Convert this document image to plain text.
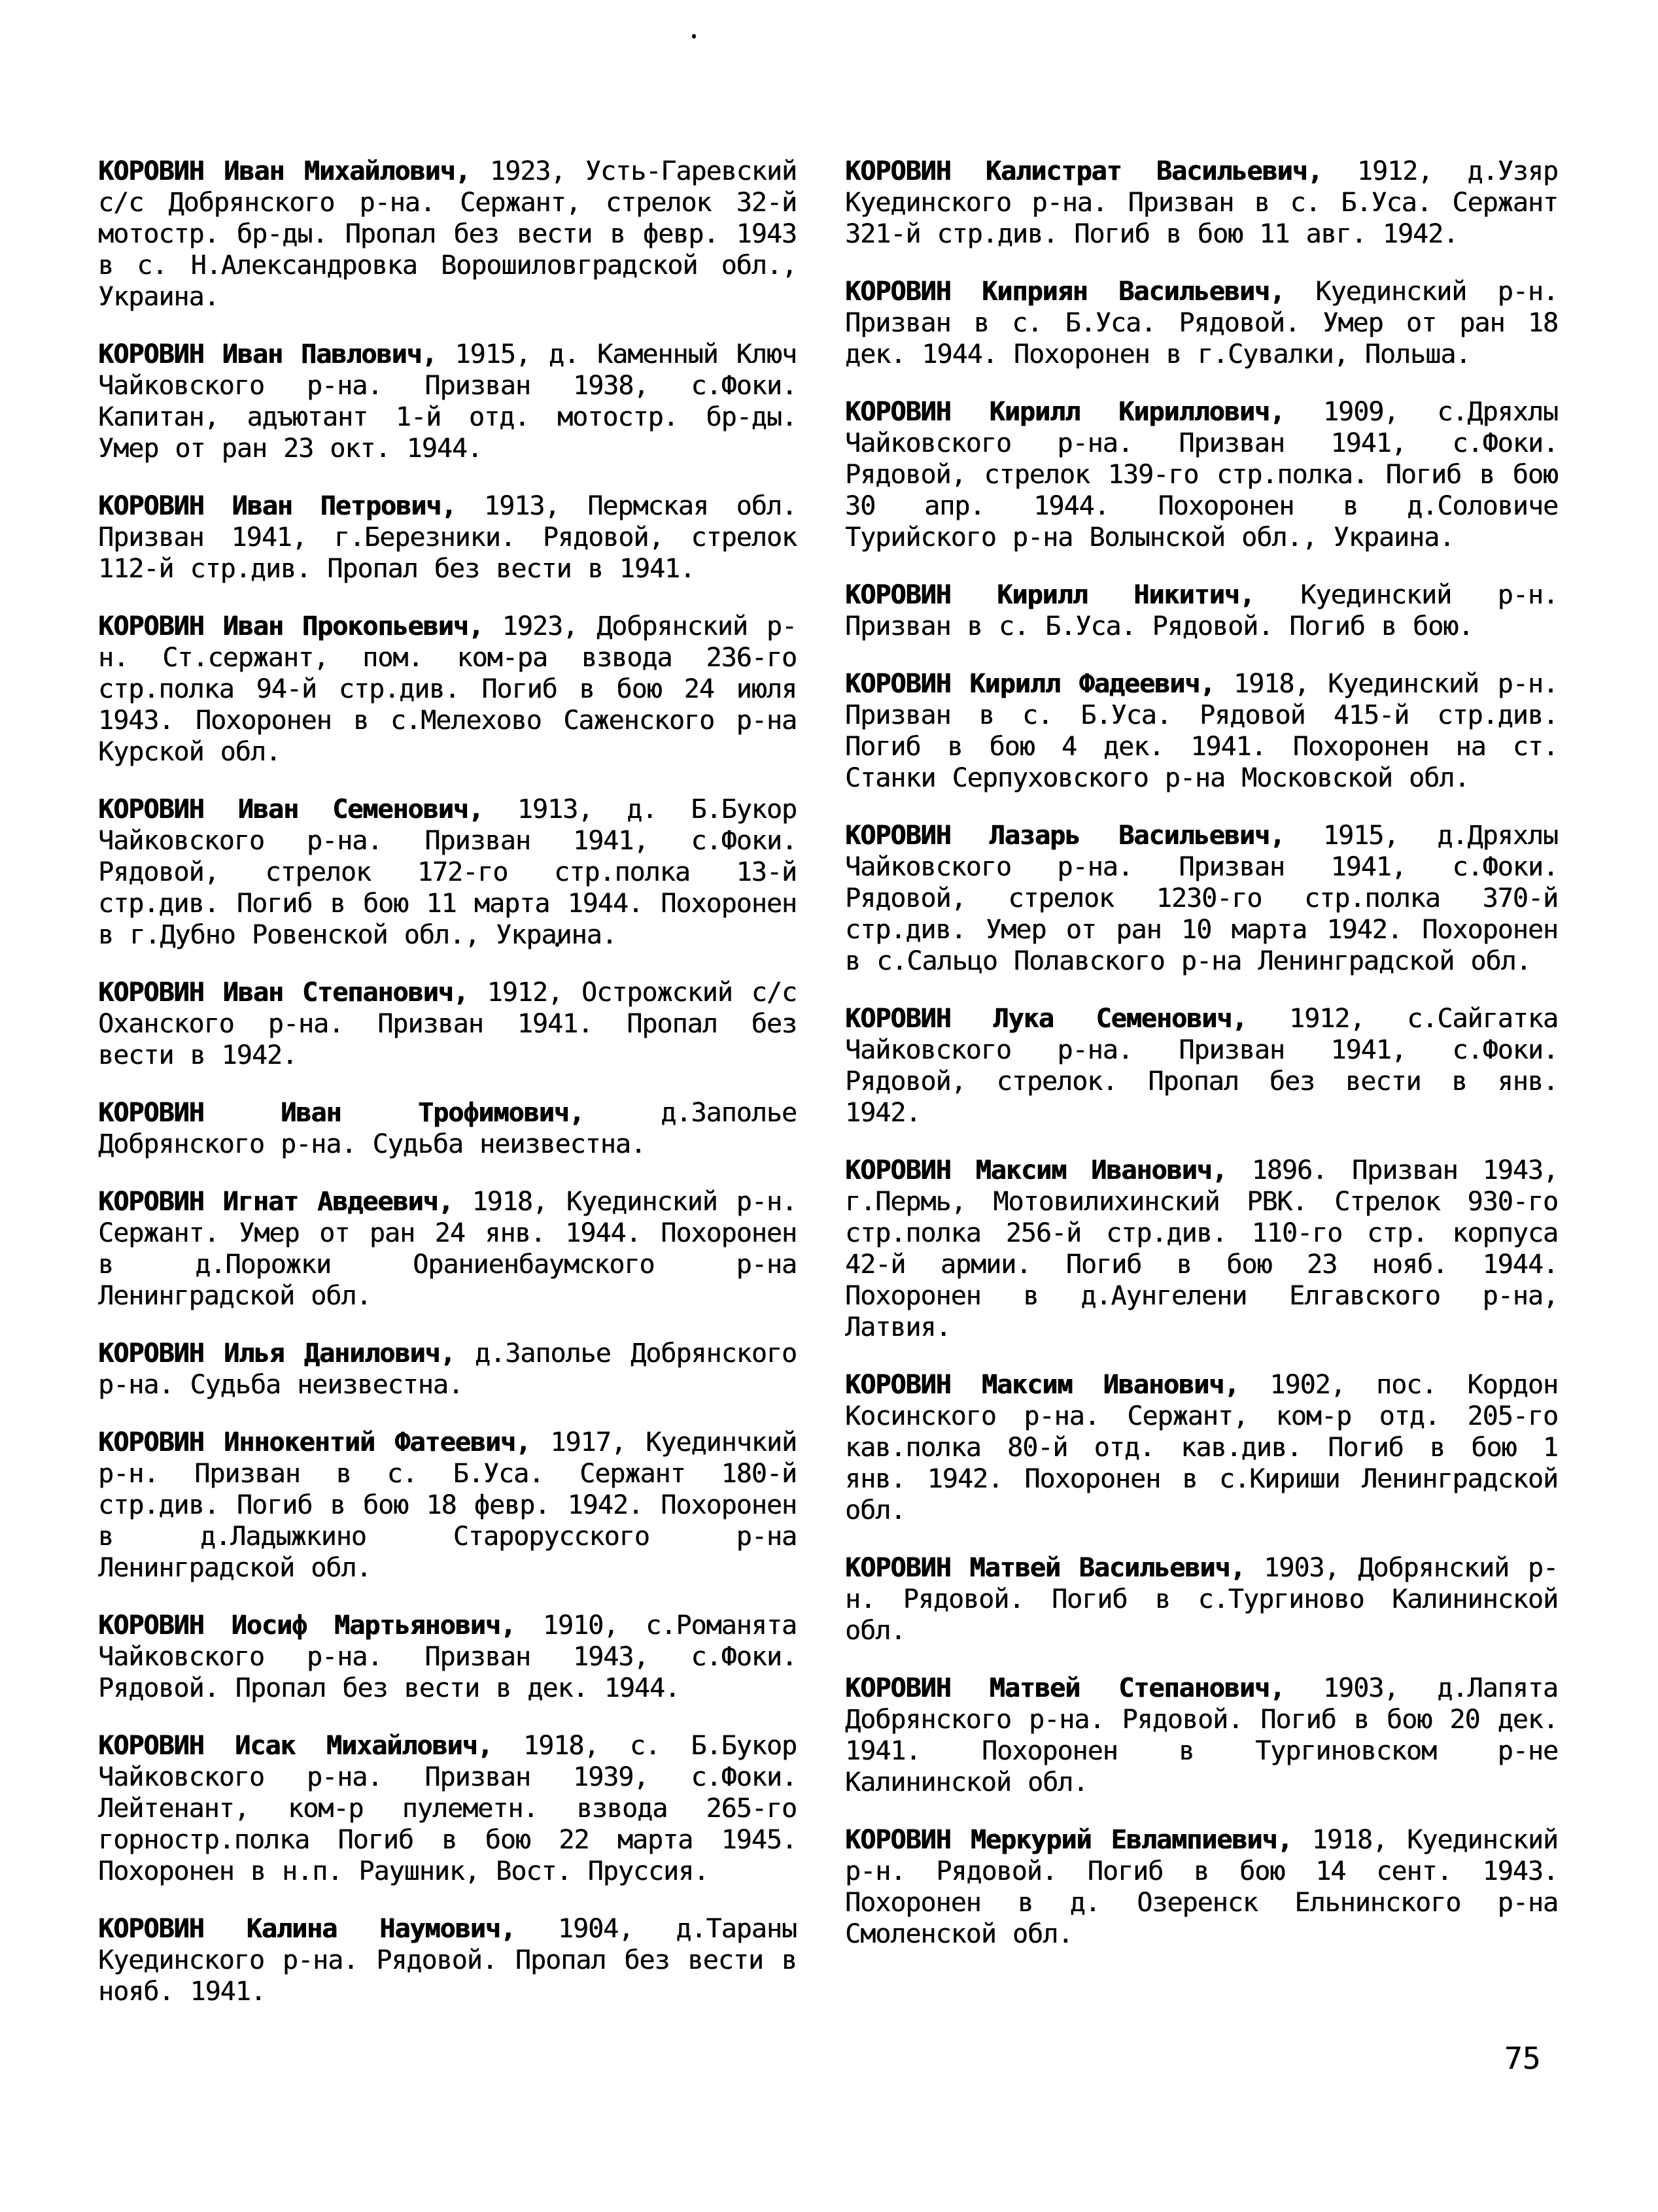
КОРОВИН Иван Михайлович, 1923, Усть-Гаревский с/с Добрянского р-на. Сержант, стрелок 32-й мотостр. бр-ды. Пропал без вести в февр. 1943 в с. Н.Александровка Ворошиловградской обл., Украина.

КОРОВИН Иван Павлович, 1915, д. Каменный Ключ Чайковского р-на. Призван 1938, с.Фоки. Капитан, адъютант 1-й отд. мотостр. бр-ды. Умер от ран 23 окт. 1944.

КОРОВИН Иван Петрович, 1913, Пермская обл. Призван 1941, г.Березники. Рядовой, стрелок 112-й стр.див. Пропал без вести в 1941.

КОРОВИН Иван Прокопьевич, 1923, Добрянский р-н. Ст.сержант, пом. ком-ра взвода 236-го стр.полка 94-й стр.див. Погиб в бою 24 июля 1943. Похоронен в с.Мелехово Саженского р-на Курской обл.

КОРОВИН Иван Семенович, 1913, д. Б.Букор Чайковского р-на. Призван 1941, с.Фоки. Рядовой, стрелок 172-го стр.полка 13-й стр.див. Погиб в бою 11 марта 1944. Похоронен в г.Дубно Ровенской обл., Украина.

КОРОВИН Иван Степанович, 1912, Острожский с/с Оханского р-на. Призван 1941. Пропал без вести в 1942.

КОРОВИН Иван Трофимович,	д.Заполье Добрянского р-на. Судьба неизвестна.

КОРОВИН Игнат Авдеевич, 1918, Куединский р-н. Сержант. Умер от ран 24 янв. 1944. Похоронен в д.Порожки Ораниенбаумского р-на Ленинградской обл.

КОРОВИН Илья Данилович, д.Заполье Добрянского р-на. Судьба неизвестна.

КОРОВИН Иннокентий Фатеевич, 1917, Куединчкий р-н. Призван в с. Б.Уса. Сержант 180-й стр.див. Погиб в бою 18 февр. 1942. Похоронен в д.Ладыжкино Старорусского р-на Ленинградской обл.

КОРОВИН Иосиф Мартьянович, 1910, с.Романята Чайковского р-на. Призван 1943, с.Фоки. Рядовой. Пропал без вести в дек. 1944.

КОРОВИН Исак Михайлович, 1918, с. Б.Букор Чайковского р-на. Призван 1939, с.Фоки. Лейтенант, ком-р пулеметн. взвода 265-го горностр.полка Погиб в бою 22 марта 1945. Похоронен в н.п. Раушник, Вост. Пруссия.

КОРОВИН Калина Наумович, 1904, д.Тараны Куединского р-на. Рядовой. Пропал без вести в нояб. 1941.

КОРОВИН Калистрат Васильевич, 1912, д.Узяр Куединского р-на. Призван в с. Б.Уса. Сержант 321-й стр.див. Погиб в бою 11 авг. 1942.

КОРОВИН Киприян Васильевич, Куединский р-н. Призван в с. Б.Уса. Рядовой. Умер от ран 18 дек. 1944. Похоронен в г.Сувалки, Польша.

КОРОВИН Кирилл Кириллович, 1909, с.Дряхлы Чайковского р-на. Призван 1941, с.Фоки. Рядовой, стрелок 139-го стр.полка. Погиб в бою 30 апр. 1944. Похоронен в д.Соловиче Турийского р-на Волынской обл., Украина.

КОРОВИН Кирилл Никитич, Куединский р-н. Призван в с. Б.Уса. Рядовой. Погиб в бою.

КОРОВИН Кирилл Фадеевич, 1918, Куединский р-н. Призван в с. Б.Уса. Рядовой 415-й стр.див. Погиб в бою 4 дек. 1941. Похоронен на ст. Станки Серпуховского р-на Московской обл.

КОРОВИН Лазарь Васильевич, 1915, д.Дряхлы Чайковского р-на. Призван 1941, с.Фоки. Рядовой, стрелок 1230-го стр.полка 370-й стр.див. Умер от ран 10 марта 1942. Похоронен в с.Сальцо Полавского р-на Ленинградской обл.

КОРОВИН Лука Семенович, 1912, с.Сайгатка Чайковского р-на. Призван 1941, с.Фоки. Рядовой, стрелок. Пропал без вести в янв. 1942.

КОРОВИН Максим Иванович, 1896. Призван 1943, г.Пермь, Мотовилихинский РВК. Стрелок 930-го стр.полка 256-й стр.див. 110-го стр. корпуса 42-й армии. Погиб в бою 23 нояб. 1944. Похоронен в д.Аунгелени Елгавского р-на, Латвия.

КОРОВИН Максим Иванович, 1902, пос. Кордон Косинского р-на. Сержант, ком-р отд. 205-го кав.полка 80-й отд. кав.див. Погиб в бою 1 янв. 1942. Похоронен в с.Кириши Ленинградской обл.

КОРОВИН Матвей Васильевич, 1903, Добрянский р-н. Рядовой. Погиб в с.Тургиново Калининской обл.

КОРОВИН Матвей Степанович, 1903, д.Лапята Добрянского р-на. Рядовой. Погиб в бою 20 дек. 1941. Похоронен в Тургиновском р-не Калининской обл.

КОРОВИН Меркурий Евлампиевич, 1918, Куединский р-н. Рядовой. Погиб в бою 14 сент. 1943. Похоронен в д. Озеренск Ельнинского р-на Смоленской обл.

75
